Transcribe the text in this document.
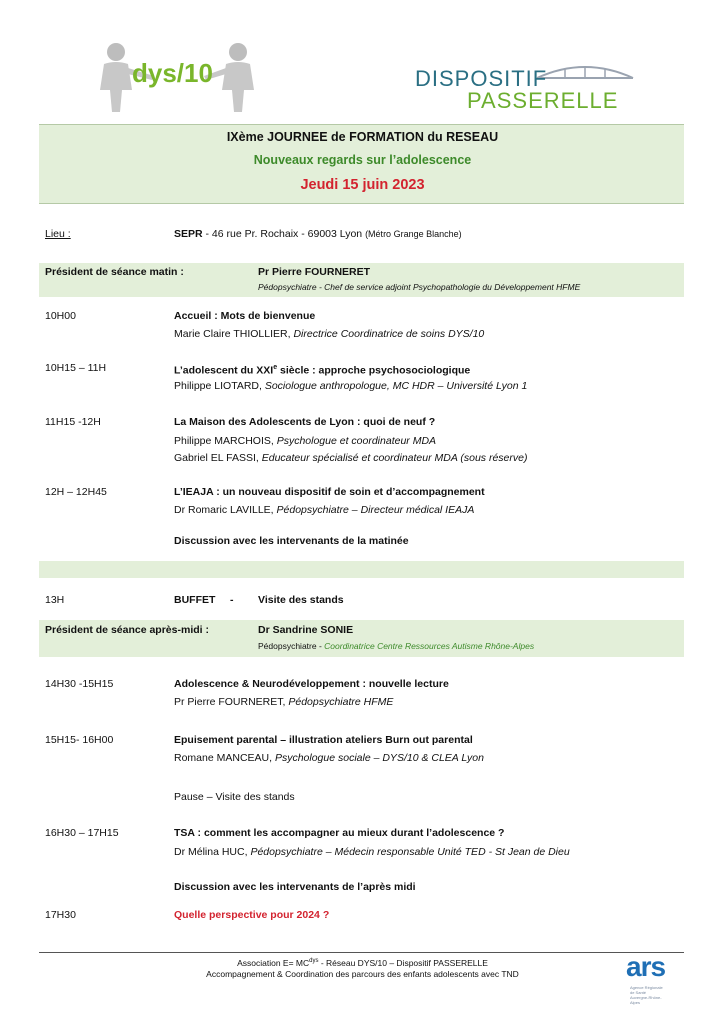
dys/10	DISPOSITIF
PASSERELLE
IXème JOURNEE de FORMATION du RESEAU
Nouveaux regards sur l’adolescence
Jeudi 15 juin 2023
Lieu :	SEPR - 46 rue Pr. Rochaix - 69003 Lyon (Métro Grange Blanche)
Président de séance matin :	Pr Pierre FOURNERET
Pédopsychiatre - Chef de service adjoint Psychopathologie du Développement HFME
10H00	Accueil : Mots de bienvenue
Marie Claire THIOLLIER, Directrice Coordinatrice de soins DYS/10
10H15 – 11H	L’adolescent du XXIe siècle : approche psychosociologique
Philippe LIOTARD, Sociologue anthropologue, MC HDR – Université Lyon 1
11H15 -12H	La Maison des Adolescents de Lyon : quoi de neuf ?
Philippe MARCHOIS, Psychologue et coordinateur MDA
Gabriel EL FASSI, Educateur spécialisé et coordinateur MDA (sous réserve)
12H – 12H45	L’IEAJA : un nouveau dispositif de soin et d’accompagnement
Dr Romaric LAVILLE, Pédopsychiatre – Directeur médical IEAJA
Discussion avec les intervenants de la matinée
13H	BUFFET - Visite des stands
Président de séance après-midi :	Dr Sandrine SONIE
Pédopsychiatre - Coordinatrice Centre Ressources Autisme Rhône-Alpes
14H30 -15H15	Adolescence & Neurodéveloppement : nouvelle lecture
Pr Pierre FOURNERET, Pédopsychiatre HFME
15H15- 16H00	Epuisement parental – illustration ateliers Burn out parental
Romane MANCEAU, Psychologue sociale – DYS/10 & CLEA Lyon
Pause – Visite des stands
16H30 – 17H15	TSA : comment les accompagner au mieux durant l’adolescence ?
Dr Mélina HUC, Pédopsychiatre – Médecin responsable Unité TED - St Jean de Dieu
Discussion avec les intervenants de l’après midi
17H30	Quelle perspective pour 2024 ?
Association $E= MC^{dys}$ - Réseau DYS/10 – Dispositif PASSERELLE
Accompagnement & Coordination des parcours des enfants adolescents avec TND	ars
Agence Régionale de Santé Auvergne-Rhône-Alpes
